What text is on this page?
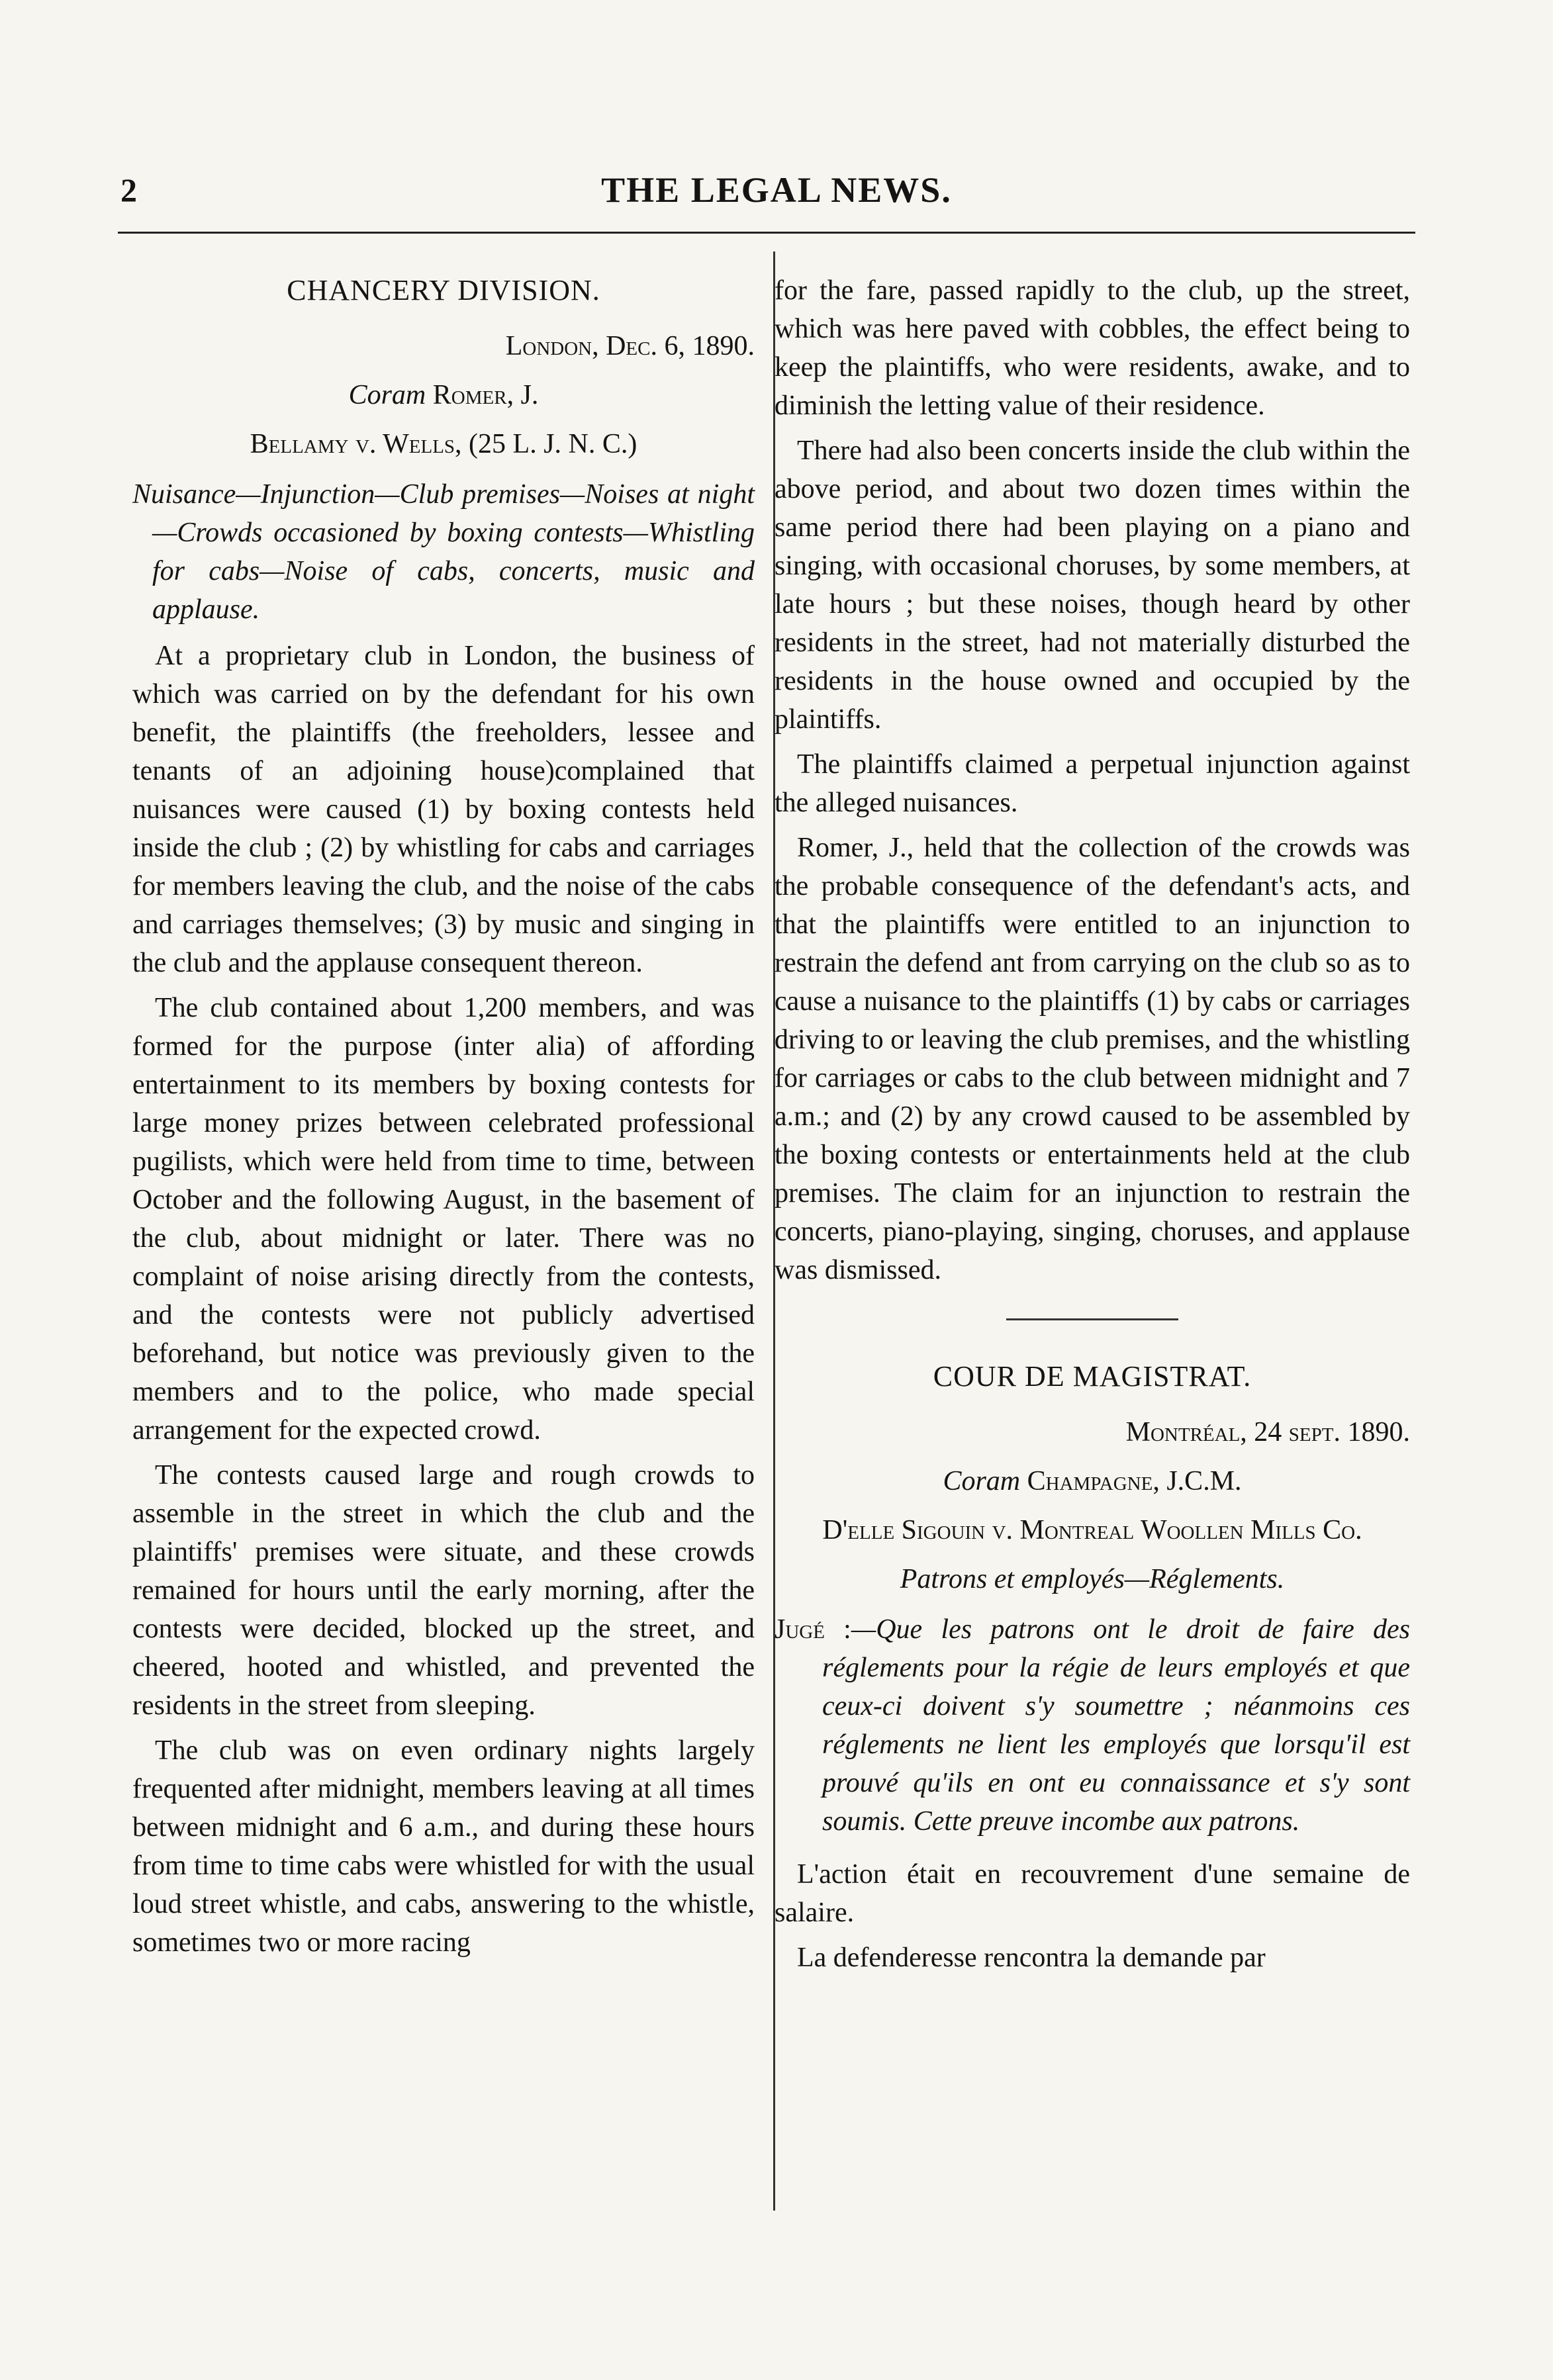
2	THE LEGAL NEWS.
CHANCERY DIVISION.
London, Dec. 6, 1890.
Coram Romer, J.
Bellamy v. Wells, (25 L. J. N. C.)
Nuisance—Injunction—Club premises—Noises at night—Crowds occasioned by boxing contests—Whistling for cabs—Noise of cabs, concerts, music and applause.

At a proprietary club in London, the business of which was carried on by the defendant for his own benefit, the plaintiffs (the freeholders, lessee and tenants of an adjoining house)complained that nuisances were caused (1) by boxing contests held inside the club ; (2) by whistling for cabs and carriages for members leaving the club, and the noise of the cabs and carriages themselves; (3) by music and singing in the club and the applause consequent thereon.

The club contained about 1,200 members, and was formed for the purpose (inter alia) of affording entertainment to its members by boxing contests for large money prizes between celebrated professional pugilists, which were held from time to time, between October and the following August, in the basement of the club, about midnight or later. There was no complaint of noise arising directly from the contests, and the contests were not publicly advertised beforehand, but notice was previously given to the members and to the police, who made special arrangement for the expected crowd.

The contests caused large and rough crowds to assemble in the street in which the club and the plaintiffs' premises were situate, and these crowds remained for hours until the early morning, after the contests were decided, blocked up the street, and cheered, hooted and whistled, and prevented the residents in the street from sleeping.

The club was on even ordinary nights largely frequented after midnight, members leaving at all times between midnight and 6 a.m., and during these hours from time to time cabs were whistled for with the usual loud street whistle, and cabs, answering to the whistle, sometimes two or more racing

for the fare, passed rapidly to the club, up the street, which was here paved with cobbles, the effect being to keep the plaintiffs, who were residents, awake, and to diminish the letting value of their residence.

There had also been concerts inside the club within the above period, and about two dozen times within the same period there had been playing on a piano and singing, with occasional choruses, by some members, at late hours ; but these noises, though heard by other residents in the street, had not materially disturbed the residents in the house owned and occupied by the plaintiffs.

The plaintiffs claimed a perpetual injunction against the alleged nuisances.

Romer, J., held that the collection of the crowds was the probable consequence of the defendant's acts, and that the plaintiffs were entitled to an injunction to restrain the defend ant from carrying on the club so as to cause a nuisance to the plaintiffs (1) by cabs or carriages driving to or leaving the club premises, and the whistling for carriages or cabs to the club between midnight and 7 a.m.; and (2) by any crowd caused to be assembled by the boxing contests or entertainments held at the club premises. The claim for an injunction to restrain the concerts, piano-playing, singing, choruses, and applause was dismissed.

COUR DE MAGISTRAT.
Montréal, 24 sept. 1890.
Coram Champagne, J.C.M.
D'elle Sigouin v. Montreal Woollen Mills Co.
Patrons et employés—Réglements.
Jugé :—Que les patrons ont le droit de faire des réglements pour la régie de leurs employés et que ceux-ci doivent s'y soumettre ; néanmoins ces réglements ne lient les employés que lorsqu'il est prouvé qu'ils en ont eu connaissance et s'y sont soumis. Cette preuve incombe aux patrons.

L'action était en recouvrement d'une semaine de salaire.

La defenderesse rencontra la demande par
